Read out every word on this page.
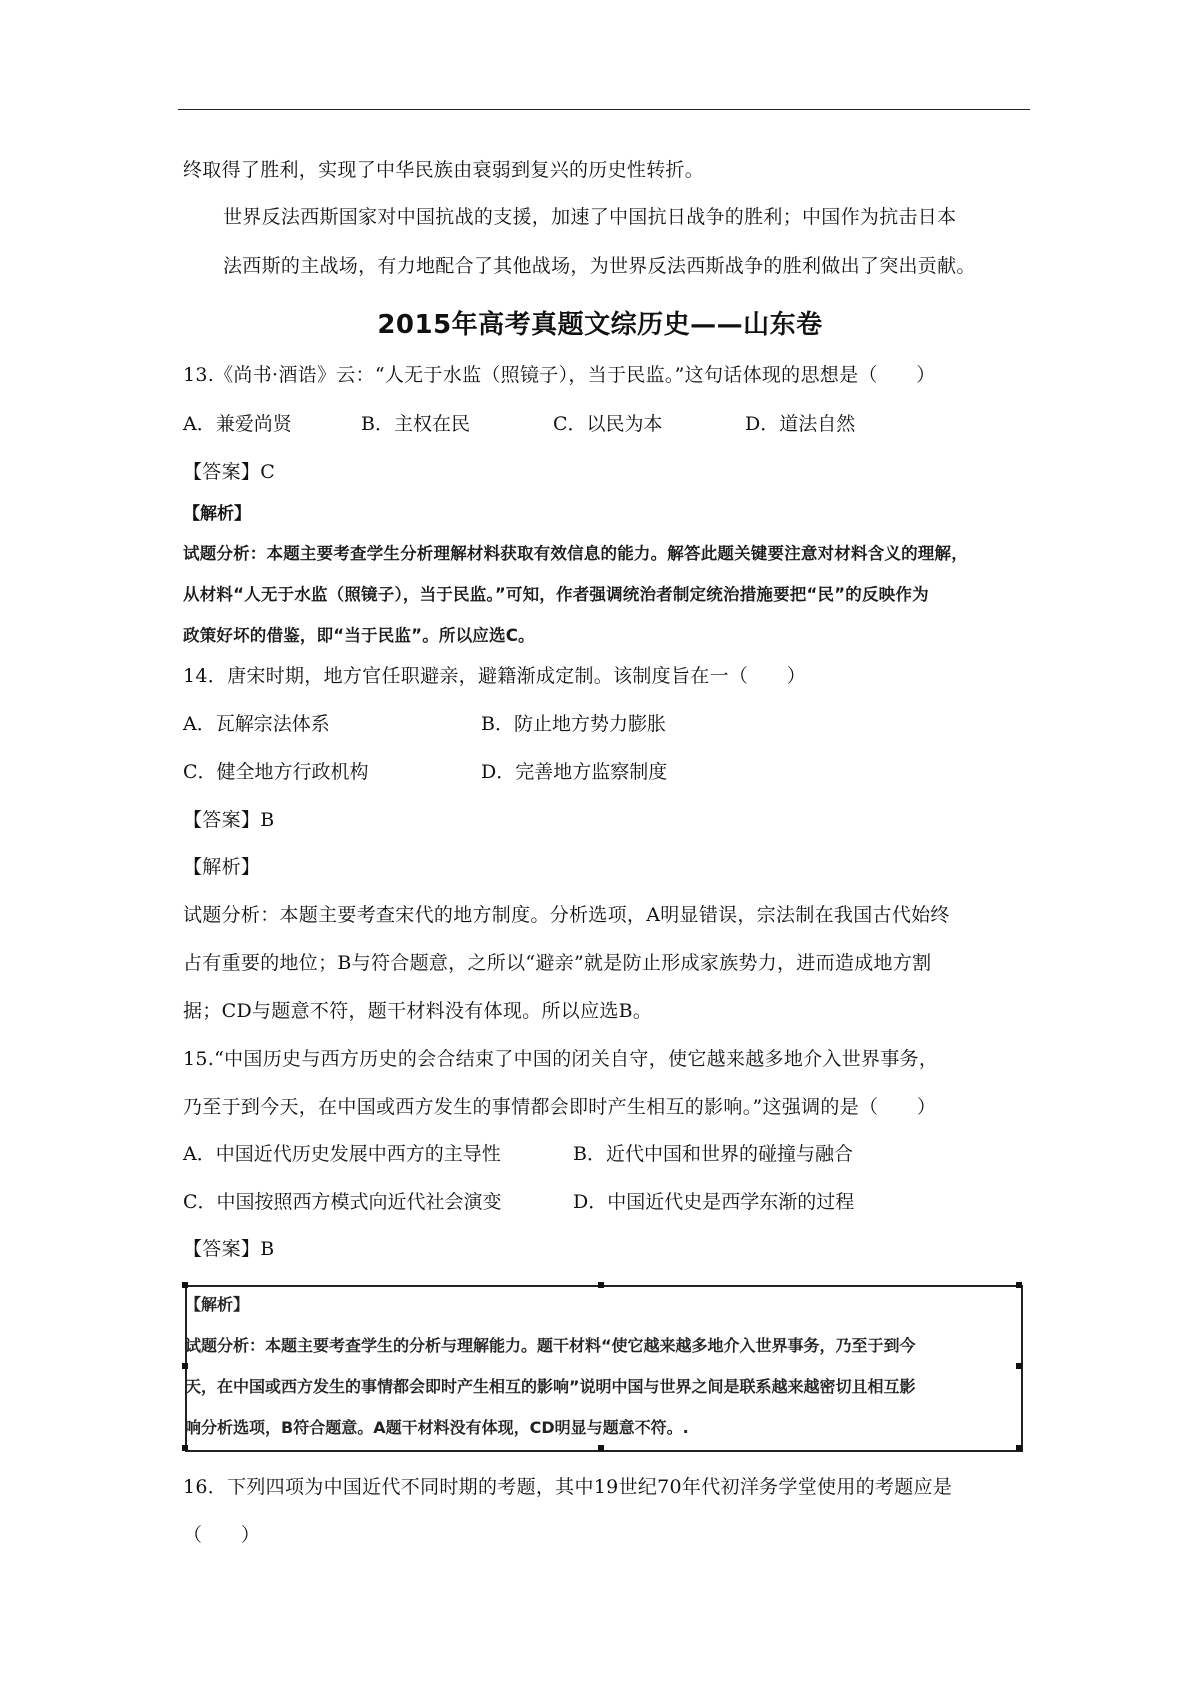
终取得了胜利，实现了中华民族由衰弱到复兴的历史性转折。
世界反法西斯国家对中国抗战的支援，加速了中国抗日战争的胜利；中国作为抗击日本
法西斯的主战场，有力地配合了其他战场，为世界反法西斯战争的胜利做出了突出贡献。
2015年高考真题文综历史——山东卷
13.《尚书·酒诰》云：“人无于水监（照镜子），当于民监。”这句话体现的思想是（　　）
A．兼爱尚贤	B．主权在民	C．以民为本	D．道法自然
【答案】C
【解析】
试题分析：本题主要考查学生分析理解材料获取有效信息的能力。解答此题关键要注意对材料含义的理解，
从材料“人无于水监（照镜子），当于民监。”可知，作者强调统治者制定统治措施要把“民”的反映作为
政策好坏的借鉴，即“当于民监”。所以应选C。
14．唐宋时期，地方官任职避亲，避籍渐成定制。该制度旨在一（　　）
A．瓦解宗法体系	B．防止地方势力膨胀
C．健全地方行政机构	D．完善地方监察制度
【答案】B
【解析】
试题分析：本题主要考查宋代的地方制度。分析选项，A明显错误，宗法制在我国古代始终
占有重要的地位；B与符合题意，之所以“避亲”就是防止形成家族势力，进而造成地方割
据；CD与题意不符，题干材料没有体现。所以应选B。
15.“中国历史与西方历史的会合结束了中国的闭关自守，使它越来越多地介入世界事务，
乃至于到今天，在中国或西方发生的事情都会即时产生相互的影响。”这强调的是（　　）
A．中国近代历史发展中西方的主导性	B．近代中国和世界的碰撞与融合
C．中国按照西方模式向近代社会演变	D．中国近代史是西学东渐的过程
【答案】B
【解析】
试题分析：本题主要考查学生的分析与理解能力。题干材料“使它越来越多地介入世界事务，乃至于到今
天，在中国或西方发生的事情都会即时产生相互的影响”说明中国与世界之间是联系越来越密切且相互影
响分析选项，B符合题意。A题干材料没有体现，CD明显与题意不符。.
16．下列四项为中国近代不同时期的考题，其中19世纪70年代初洋务学堂使用的考题应是
（　　）
